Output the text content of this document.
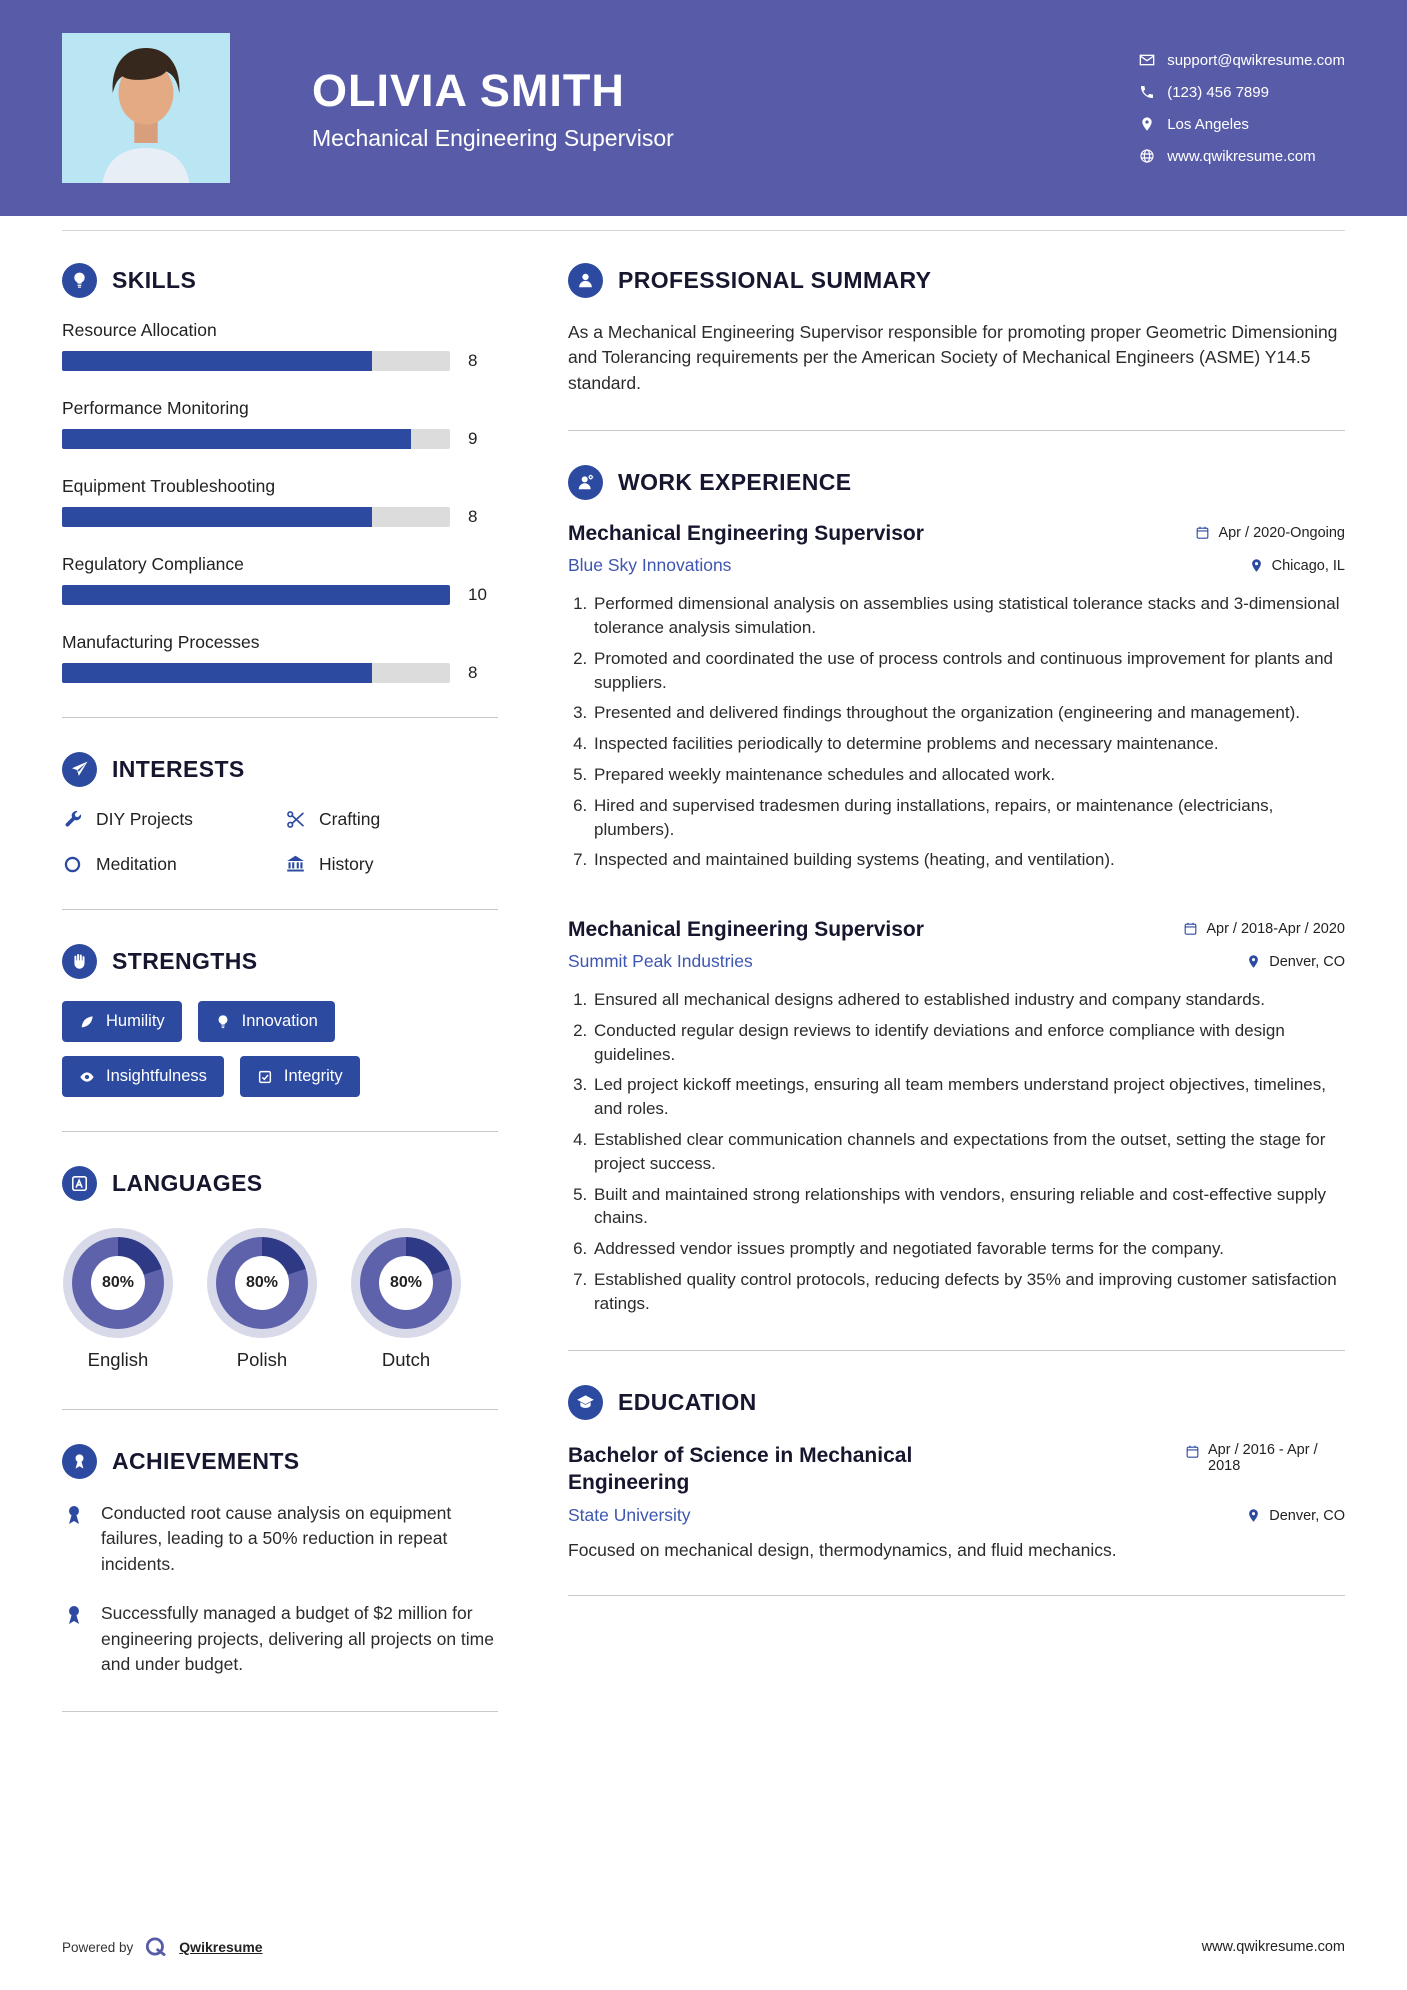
OLIVIA SMITH
Mechanical Engineering Supervisor
support@qwikresume.com
(123) 456 7899
Los Angeles
www.qwikresume.com
SKILLS
Resource Allocation
8
Performance Monitoring
9
Equipment Troubleshooting
8
Regulatory Compliance
10
Manufacturing Processes
8
INTERESTS
DIY Projects	Crafting
Meditation	History
STRENGTHS
Humility	Innovation
Insightfulness	Integrity
LANGUAGES
80%
English
80%
Polish
80%
Dutch
ACHIEVEMENTS
Conducted root cause analysis on equipment failures, leading to a 50% reduction in repeat incidents.
Successfully managed a budget of $2 million for engineering projects, delivering all projects on time and under budget.
PROFESSIONAL SUMMARY

As a Mechanical Engineering Supervisor responsible for promoting proper Geometric Dimensioning and Tolerancing requirements per the American Society of Mechanical Engineers (ASME) Y14.5 standard.

WORK EXPERIENCE
Mechanical Engineering Supervisor	Apr / 2020-Ongoing
Blue Sky Innovations	Chicago, IL
1. Performed dimensional analysis on assemblies using statistical tolerance stacks and 3-dimensional tolerance analysis simulation.
2. Promoted and coordinated the use of process controls and continuous improvement for plants and suppliers.
3. Presented and delivered findings throughout the organization (engineering and management).
4. Inspected facilities periodically to determine problems and necessary maintenance.
5. Prepared weekly maintenance schedules and allocated work.
6. Hired and supervised tradesmen during installations, repairs, or maintenance (electricians, plumbers).
7. Inspected and maintained building systems (heating, and ventilation).
Mechanical Engineering Supervisor	Apr / 2018-Apr / 2020
Summit Peak Industries	Denver, CO
1. Ensured all mechanical designs adhered to established industry and company standards.
2. Conducted regular design reviews to identify deviations and enforce compliance with design guidelines.
3. Led project kickoff meetings, ensuring all team members understand project objectives, timelines, and roles.
4. Established clear communication channels and expectations from the outset, setting the stage for project success.
5. Built and maintained strong relationships with vendors, ensuring reliable and cost-effective supply chains.
6. Addressed vendor issues promptly and negotiated favorable terms for the company.
7. Established quality control protocols, reducing defects by 35% and improving customer satisfaction ratings.
EDUCATION
Bachelor of Science in Mechanical Engineering
Apr / 2016 - Apr / 2018
State University	Denver, CO
Focused on mechanical design, thermodynamics, and fluid mechanics.
Powered by	Qwikresume	www.qwikresume.com
